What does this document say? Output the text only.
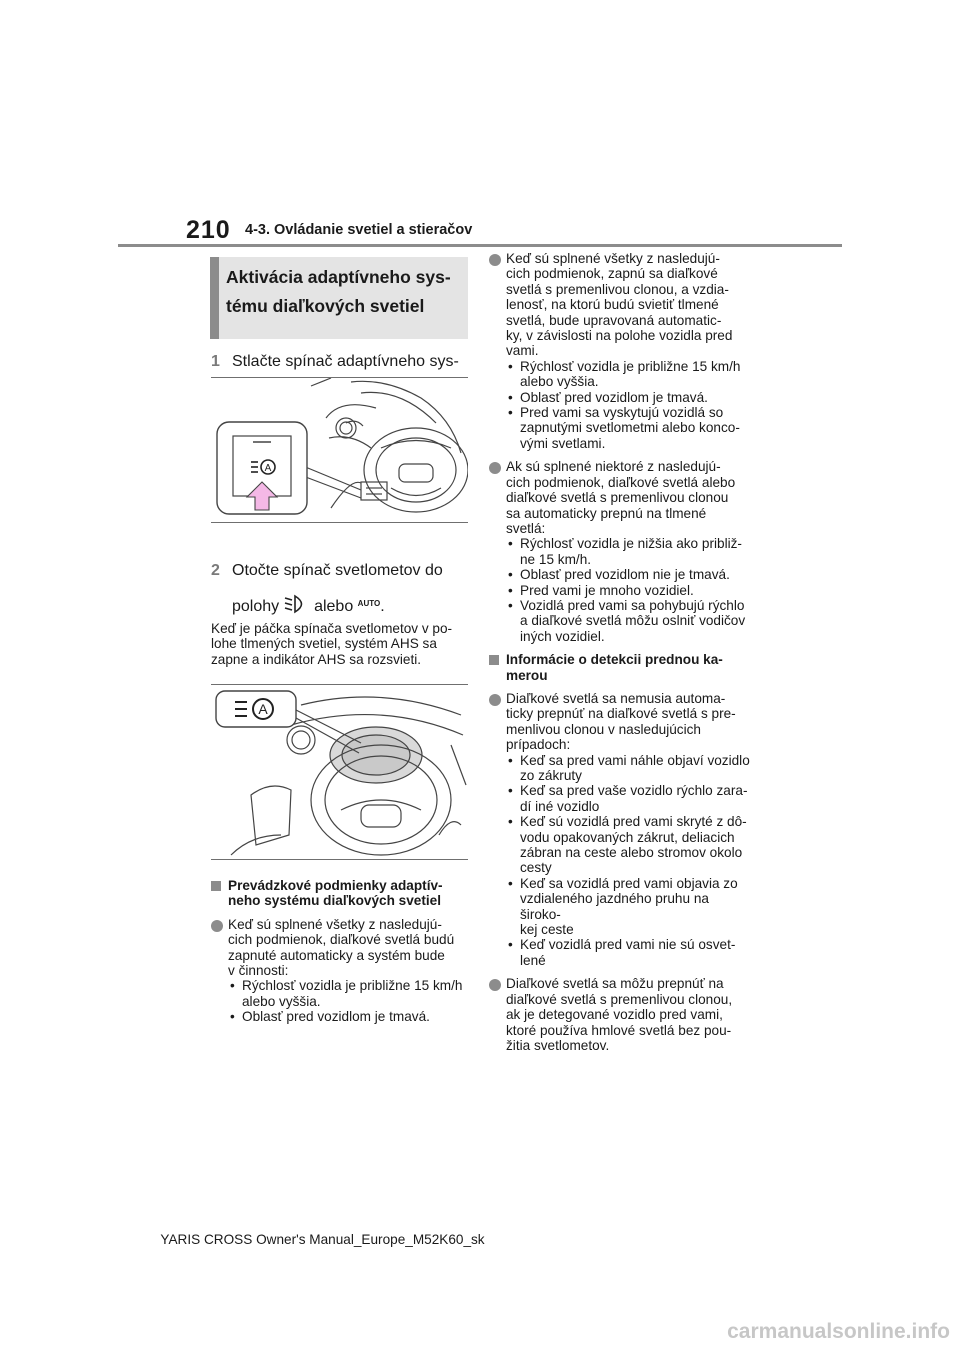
210 4-3. Ovládanie svetiel a stieračov
Aktivácia adaptívneho sys-
tému diaľkových svetiel
1 Stlačte spínač adaptívneho sys-

A
2 Otočte spínač svetlometov do
polohy alebo $^{AUTO}$.
Keď je páčka spínača svetlometov v po-
lohe tlmených svetiel, systém AHS sa
zapne a indikátor AHS sa rozsvieti.
A
Prevádzkové podmienky adaptív-
neho systému diaľkových svetiel
Keď sú splnené všetky z nasledujú-
cich podmienok, diaľkové svetlá budú
zapnuté automaticky a systém bude
v činnosti:
• Rýchlosť vozidla je približne 15 km/h
alebo vyššia.
• Oblasť pred vozidlom je tmavá.
Keď sú splnené všetky z nasledujú-
cich podmienok, zapnú sa diaľkové
svetlá s premenlivou clonou, a vzdia-
lenosť, na ktorú budú svietiť tlmené
svetlá, bude upravovaná automatic-
ky, v závislosti na polohe vozidla pred
vami.
• Rýchlosť vozidla je približne 15 km/h
alebo vyššia.
• Oblasť pred vozidlom je tmavá.
• Pred vami sa vyskytujú vozidlá so
zapnutými svetlometmi alebo konco-
vými svetlami.
Ak sú splnené niektoré z nasledujú-
cich podmienok, diaľkové svetlá alebo
diaľkové svetlá s premenlivou clonou
sa automaticky prepnú na tlmené
svetlá:
• Rýchlosť vozidla je nižšia ako približ-
ne 15 km/h.
• Oblasť pred vozidlom nie je tmavá.
• Pred vami je mnoho vozidiel.
• Vozidlá pred vami sa pohybujú rýchlo
a diaľkové svetlá môžu oslniť vodičov
iných vozidiel.
Informácie o detekcii prednou ka-
merou
Diaľkové svetlá sa nemusia automa-
ticky prepnúť na diaľkové svetlá s pre-
menlivou clonou v nasledujúcich
prípadoch:
• Keď sa pred vami náhle objaví vozidlo
zo zákruty
• Keď sa pred vaše vozidlo rýchlo zara-
dí iné vozidlo
• Keď sú vozidlá pred vami skryté z dô-
vodu opakovaných zákrut, deliacich
zábran na ceste alebo stromov okolo
cesty
• Keď sa vozidlá pred vami objavia zo
vzdialeného jazdného pruhu na široko-
kej ceste
• Keď vozidlá pred vami nie sú osvet-
lené
Diaľkové svetlá sa môžu prepnúť na
diaľkové svetlá s premenlivou clonou,
ak je detegované vozidlo pred vami,
ktoré používa hmlové svetlá bez pou-
žitia svetlometov.
YARIS CROSS Owner's Manual_Europe_M52K60_sk
carmanualsonline.info
